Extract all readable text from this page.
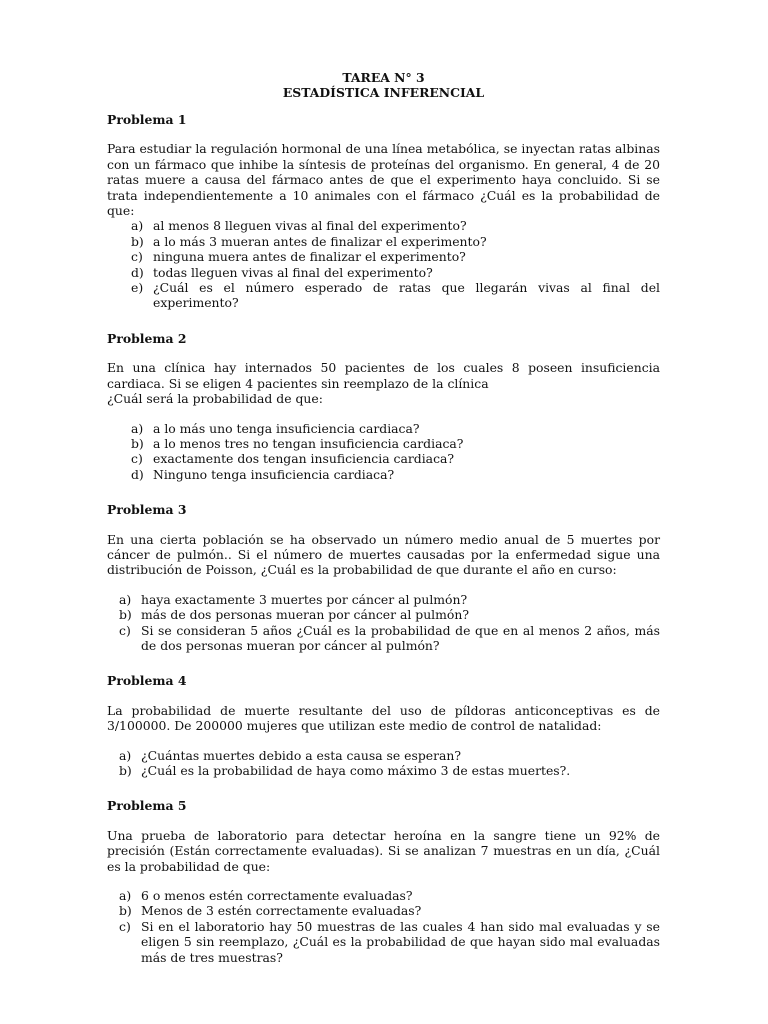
TAREA N° 3
ESTADÍSTICA INFERENCIAL
Problema 1
Para estudiar la regulación hormonal de una línea metabólica, se inyectan ratas albinas con un fármaco que inhibe la síntesis de proteínas del organismo. En general, 4 de 20 ratas muere a causa del fármaco antes de que el experimento haya concluido. Si se trata independientemente a 10 animales con el fármaco ¿Cuál es la probabilidad de que:
a) al menos 8 lleguen vivas al final del experimento?
b) a lo más 3 mueran antes de finalizar el experimento?
c) ninguna muera antes de finalizar el experimento?
d) todas lleguen vivas al final del experimento?
e) ¿Cuál es el número esperado de ratas que llegarán vivas al final del experimento?
Problema 2
En una clínica hay internados 50 pacientes de los cuales 8 poseen insuficiencia cardiaca. Si se eligen 4 pacientes sin reemplazo de la clínica
¿Cuál será la probabilidad de que:
a) a lo más uno tenga insuficiencia cardiaca?
b) a lo menos tres no tengan insuficiencia cardiaca?
c) exactamente dos tengan insuficiencia cardiaca?
d) Ninguno tenga insuficiencia cardiaca?
Problema 3
En una cierta población se ha observado un número medio anual de 5 muertes por cáncer de pulmón.. Si el número de muertes causadas por la enfermedad sigue una distribución de Poisson, ¿Cuál es la probabilidad de que durante el año en curso:
a) haya exactamente 3 muertes por cáncer al pulmón?
b) más de dos personas mueran por cáncer al pulmón?
c) Si se consideran 5 años ¿Cuál es la probabilidad de que en al menos 2 años, más de dos personas mueran por cáncer al pulmón?
Problema 4
La probabilidad de muerte resultante del uso de píldoras anticonceptivas es de 3/100000. De 200000 mujeres que utilizan este medio de control de natalidad:
a) ¿Cuántas muertes debido a esta causa se esperan?
b) ¿Cuál es la probabilidad de haya como máximo 3 de estas muertes?.
Problema 5
Una prueba de laboratorio para detectar heroína en la sangre tiene un 92% de precisión (Están correctamente evaluadas). Si se analizan 7 muestras en un día, ¿Cuál es la probabilidad de que:
a) 6 o menos estén correctamente evaluadas?
b) Menos de 3 estén correctamente evaluadas?
c) Si en el laboratorio hay 50 muestras de las cuales 4 han sido mal evaluadas y se eligen 5 sin reemplazo, ¿Cuál es la probabilidad de que hayan sido mal evaluadas más de tres muestras?
